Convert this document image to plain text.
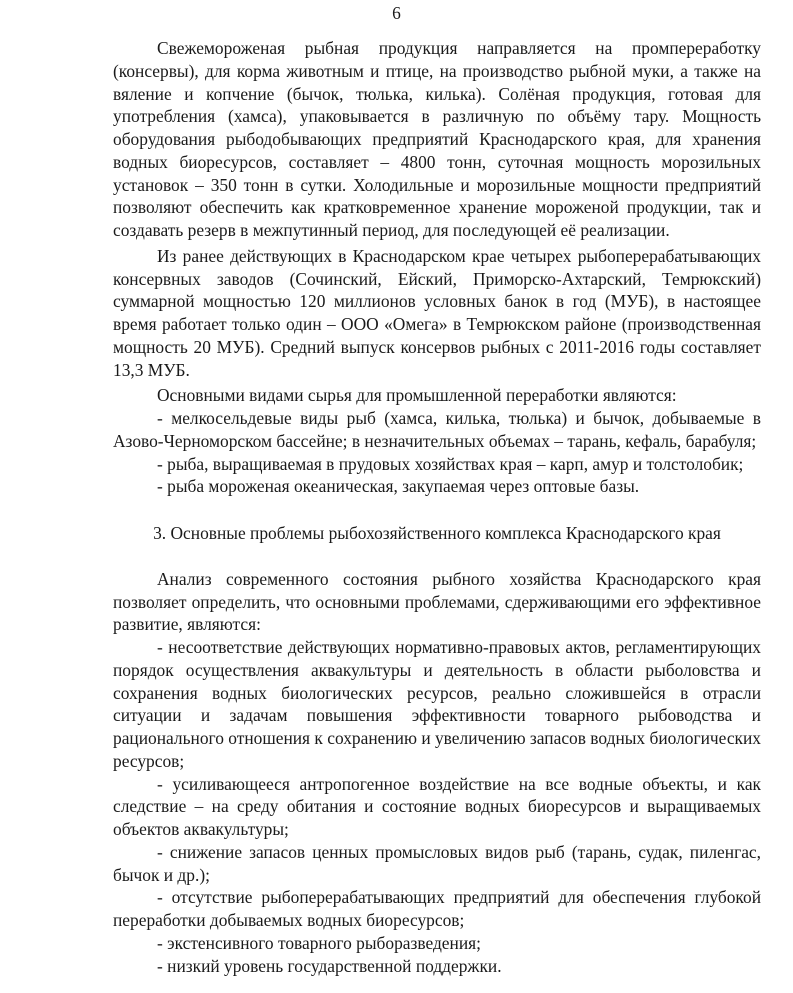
6

Свежемороженая рыбная продукция направляется на промпереработку (консервы), для корма животным и птице, на производство рыбной муки, а также на вяление и копчение (бычок, тюлька, килька). Солёная продукция, готовая для употребления (хамса), упаковывается в различную по объёму тару. Мощность оборудования рыбодобывающих предприятий Краснодарского края, для хранения водных биоресурсов, составляет – 4800 тонн, суточная мощность морозильных установок – 350 тонн в сутки. Холодильные и морозильные мощности предприятий позволяют обеспечить как кратковременное хранение мороженой продукции, так и создавать резерв в межпутинный период, для последующей её реализации.

Из ранее действующих в Краснодарском крае четырех рыбоперерабатывающих консервных заводов (Сочинский, Ейский, Приморско-Ахтарский, Темрюкский) суммарной мощностью 120 миллионов условных банок в год (МУБ), в настоящее время работает только один – ООО «Омега» в Темрюкском районе (производственная мощность 20 МУБ). Средний выпуск консервов рыбных с 2011-2016 годы составляет 13,3 МУБ.

Основными видами сырья для промышленной переработки являются:

- мелкосельдевые виды рыб (хамса, килька, тюлька) и бычок, добываемые в Азово-Черноморском бассейне; в незначительных объемах – тарань, кефаль, барабуля;

- рыба, выращиваемая в прудовых хозяйствах края – карп, амур и толстолобик;

- рыба мороженая океаническая, закупаемая через оптовые базы.

3. Основные проблемы рыбохозяйственного комплекса Краснодарского края

Анализ современного состояния рыбного хозяйства Краснодарского края позволяет определить, что основными проблемами, сдерживающими его эффективное развитие, являются:

- несоответствие действующих нормативно-правовых актов, регламентирующих порядок осуществления аквакультуры и деятельность в области рыболовства и сохранения водных биологических ресурсов, реально сложившейся в отрасли ситуации и задачам повышения эффективности товарного рыбоводства и рационального отношения к сохранению и увеличению запасов водных биологических ресурсов;

- усиливающееся антропогенное воздействие на все водные объекты, и как следствие – на среду обитания и состояние водных биоресурсов и выращиваемых объектов аквакультуры;

- снижение запасов ценных промысловых видов рыб (тарань, судак, пиленгас, бычок и др.);

- отсутствие рыбоперерабатывающих предприятий для обеспечения глубокой переработки добываемых водных биоресурсов;

- экстенсивного товарного рыборазведения;

- низкий уровень государственной поддержки.
